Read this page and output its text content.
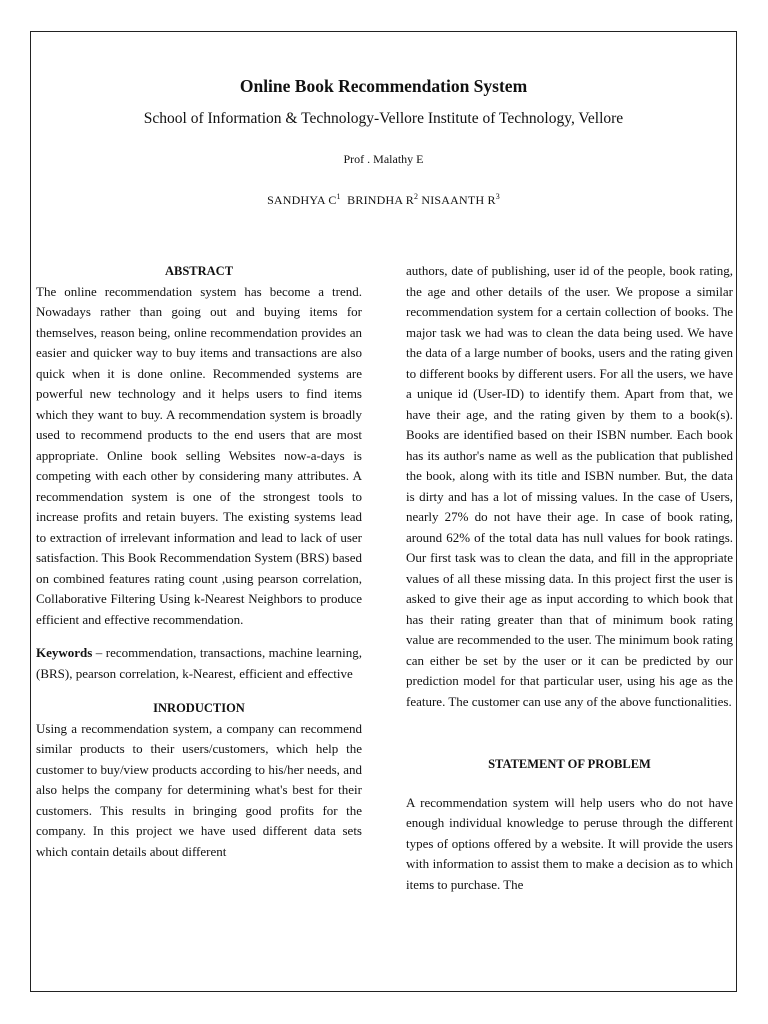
Online Book Recommendation System
School of Information & Technology-Vellore Institute of Technology, Vellore
Prof . Malathy E
SANDHYA $C^1$ BRINDHA $R^2$ NISAANTH $R^3$

ABSTRACT

The online recommendation system has become a trend. Nowadays rather than going out and buying items for themselves, reason being, online recommendation provides an easier and quicker way to buy items and transactions are also quick when it is done online. Recommended systems are powerful new technology and it helps users to find items which they want to buy. A recommendation system is broadly used to recommend products to the end users that are most appropriate. Online book selling Websites now-a-days is competing with each other by considering many attributes. A recommendation system is one of the strongest tools to increase profits and retain buyers. The existing systems lead to extraction of irrelevant information and lead to lack of user satisfaction. This Book Recommendation System (BRS) based on combined features rating count ,using pearson correlation, Collaborative Filtering Using k-Nearest Neighbors to produce efficient and effective recommendation.

Keywords – recommendation, transactions, machine learning, (BRS), pearson correlation, k-Nearest, efficient and effective

INRODUCTION

Using a recommendation system, a company can recommend similar products to their users/customers, which help the customer to buy/view products according to his/her needs, and also helps the company for determining what's best for their customers. This results in bringing good profits for the company. In this project we have used different data sets which contain details about different

authors, date of publishing, user id of the people, book rating, the age and other details of the user. We propose a similar recommendation system for a certain collection of books. The major task we had was to clean the data being used. We have the data of a large number of books, users and the rating given to different books by different users. For all the users, we have a unique id (User-ID) to identify them. Apart from that, we have their age, and the rating given by them to a book(s). Books are identified based on their ISBN number. Each book has its author's name as well as the publication that published the book, along with its title and ISBN number. But, the data is dirty and has a lot of missing values. In the case of Users, nearly 27% do not have their age. In case of book rating, around 62% of the total data has null values for book ratings. Our first task was to clean the data, and fill in the appropriate values of all these missing data. In this project first the user is asked to give their age as input according to which book that has their rating greater than that of minimum book rating value are recommended to the user. The minimum book rating can either be set by the user or it can be predicted by our prediction model for that particular user, using his age as the feature. The customer can use any of the above functionalities.

STATEMENT OF PROBLEM

A recommendation system will help users who do not have enough individual knowledge to peruse through the different types of options offered by a website. It will provide the users with information to assist them to make a decision as to which items to purchase. The
